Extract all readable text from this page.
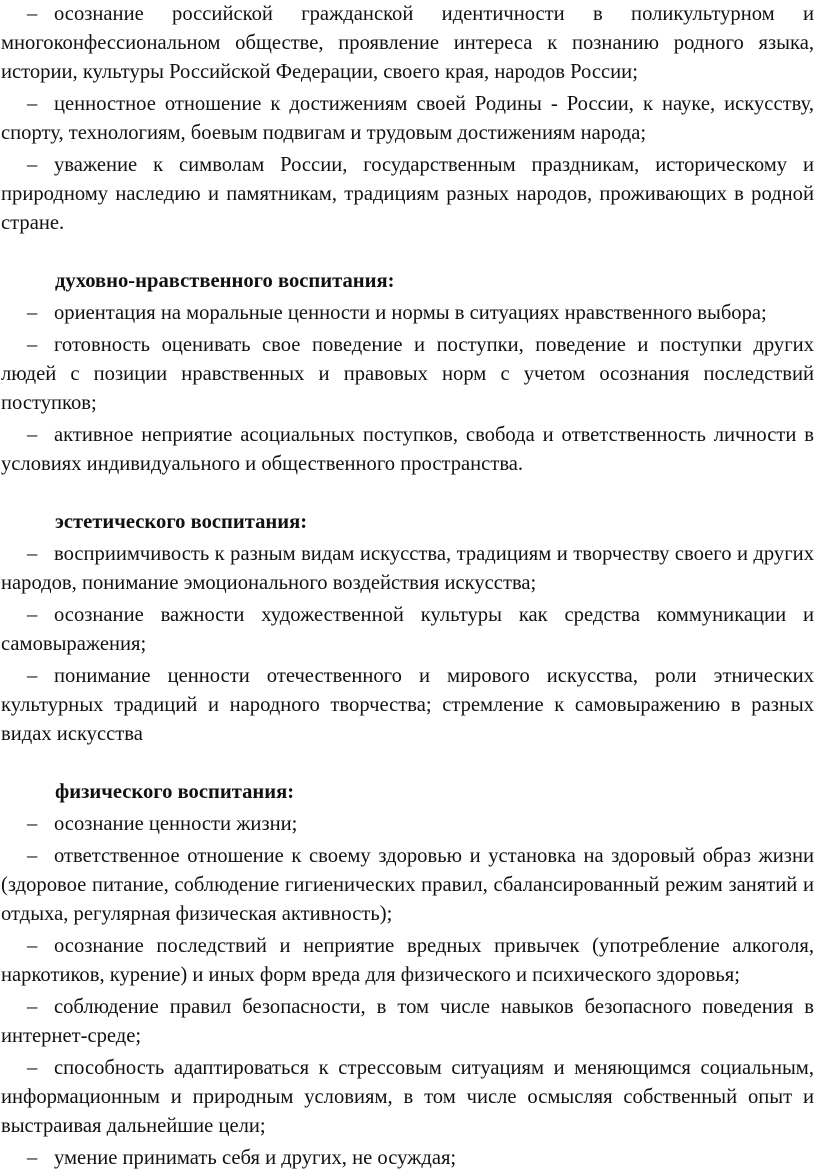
– осознание российской гражданской идентичности в поликультурном и многоконфессиональном обществе, проявление интереса к познанию родного языка, истории, культуры Российской Федерации, своего края, народов России;

– ценностное отношение к достижениям своей Родины - России, к науке, искусству, спорту, технологиям, боевым подвигам и трудовым достижениям народа;

– уважение к символам России, государственным праздникам, историческому и природному наследию и памятникам, традициям разных народов, проживающих в родной стране.

духовно-нравственного воспитания:

– ориентация на моральные ценности и нормы в ситуациях нравственного выбора;

– готовность оценивать свое поведение и поступки, поведение и поступки других людей с позиции нравственных и правовых норм с учетом осознания последствий поступков;

– активное неприятие асоциальных поступков, свобода и ответственность личности в условиях индивидуального и общественного пространства.

эстетического воспитания:

– восприимчивость к разным видам искусства, традициям и творчеству своего и других народов, понимание эмоционального воздействия искусства;

– осознание важности художественной культуры как средства коммуникации и самовыражения;

– понимание ценности отечественного и мирового искусства, роли этнических культурных традиций и народного творчества; стремление к самовыражению в разных видах искусства

физического воспитания:

– осознание ценности жизни;

– ответственное отношение к своему здоровью и установка на здоровый образ жизни (здоровое питание, соблюдение гигиенических правил, сбалансированный режим занятий и отдыха, регулярная физическая активность);

– осознание последствий и неприятие вредных привычек (употребление алкоголя, наркотиков, курение) и иных форм вреда для физического и психического здоровья;

– соблюдение правил безопасности, в том числе навыков безопасного поведения в интернет-среде;

– способность адаптироваться к стрессовым ситуациям и меняющимся социальным, информационным и природным условиям, в том числе осмысляя собственный опыт и выстраивая дальнейшие цели;

– умение принимать себя и других, не осуждая;
